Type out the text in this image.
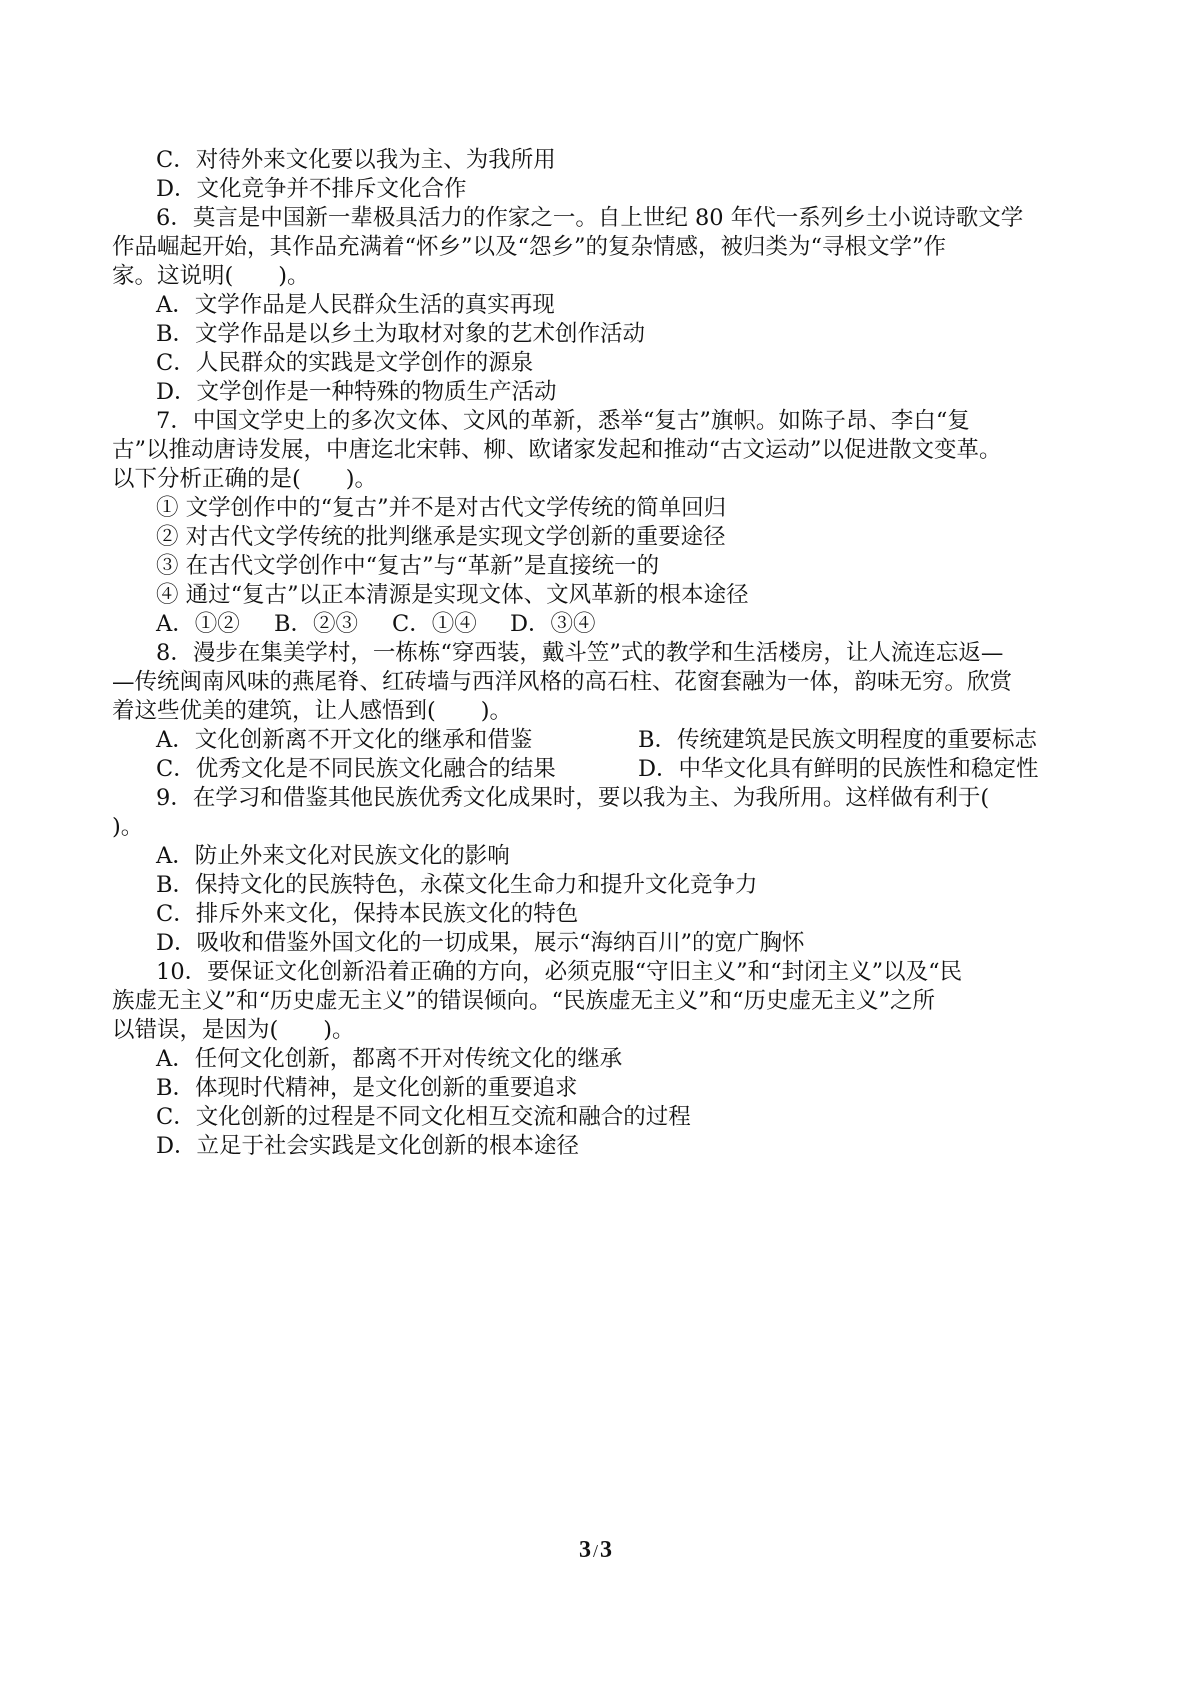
C．对待外来文化要以我为主、为我所用
D．文化竞争并不排斥文化合作
6．莫言是中国新一辈极具活力的作家之一。自上世纪 80 年代一系列乡土小说诗歌文学
作品崛起开始，其作品充满着“怀乡”以及“怨乡”的复杂情感，被归类为“寻根文学”作
家。这说明(　　)。
A．文学作品是人民群众生活的真实再现
B．文学作品是以乡土为取材对象的艺术创作活动
C．人民群众的实践是文学创作的源泉
D．文学创作是一种特殊的物质生产活动
7．中国文学史上的多次文体、文风的革新，悉举“复古”旗帜。如陈子昂、李白“复
古”以推动唐诗发展，中唐迄北宋韩、柳、欧诸家发起和推动“古文运动”以促进散文变革。
以下分析正确的是(　　)。
① 文学创作中的“复古”并不是对古代文学传统的简单回归
② 对古代文学传统的批判继承是实现文学创新的重要途径
③ 在古代文学创作中“复古”与“革新”是直接统一的
④ 通过“复古”以正本清源是实现文体、文风革新的根本途径
A．①② B．②③ C．①④ D．③④
8．漫步在集美学村，一栋栋“穿西装，戴斗笠”式的教学和生活楼房，让人流连忘返—
—传统闽南风味的燕尾脊、红砖墙与西洋风格的高石柱、花窗套融为一体，韵味无穷。欣赏
着这些优美的建筑，让人感悟到(　　)。
A．文化创新离不开文化的继承和借鉴	B．传统建筑是民族文明程度的重要标志
C．优秀文化是不同民族文化融合的结果	D．中华文化具有鲜明的民族性和稳定性
9．在学习和借鉴其他民族优秀文化成果时，要以我为主、为我所用。这样做有利于(
)。
A．防止外来文化对民族文化的影响
B．保持文化的民族特色，永葆文化生命力和提升文化竞争力
C．排斥外来文化，保持本民族文化的特色
D．吸收和借鉴外国文化的一切成果，展示“海纳百川”的宽广胸怀
10．要保证文化创新沿着正确的方向，必须克服“守旧主义”和“封闭主义”以及“民
族虚无主义”和“历史虚无主义”的错误倾向。“民族虚无主义”和“历史虚无主义”之所
以错误，是因为(　　)。
A．任何文化创新，都离不开对传统文化的继承
B．体现时代精神，是文化创新的重要追求
C．文化创新的过程是不同文化相互交流和融合的过程
D．立足于社会实践是文化创新的根本途径
3 /3
